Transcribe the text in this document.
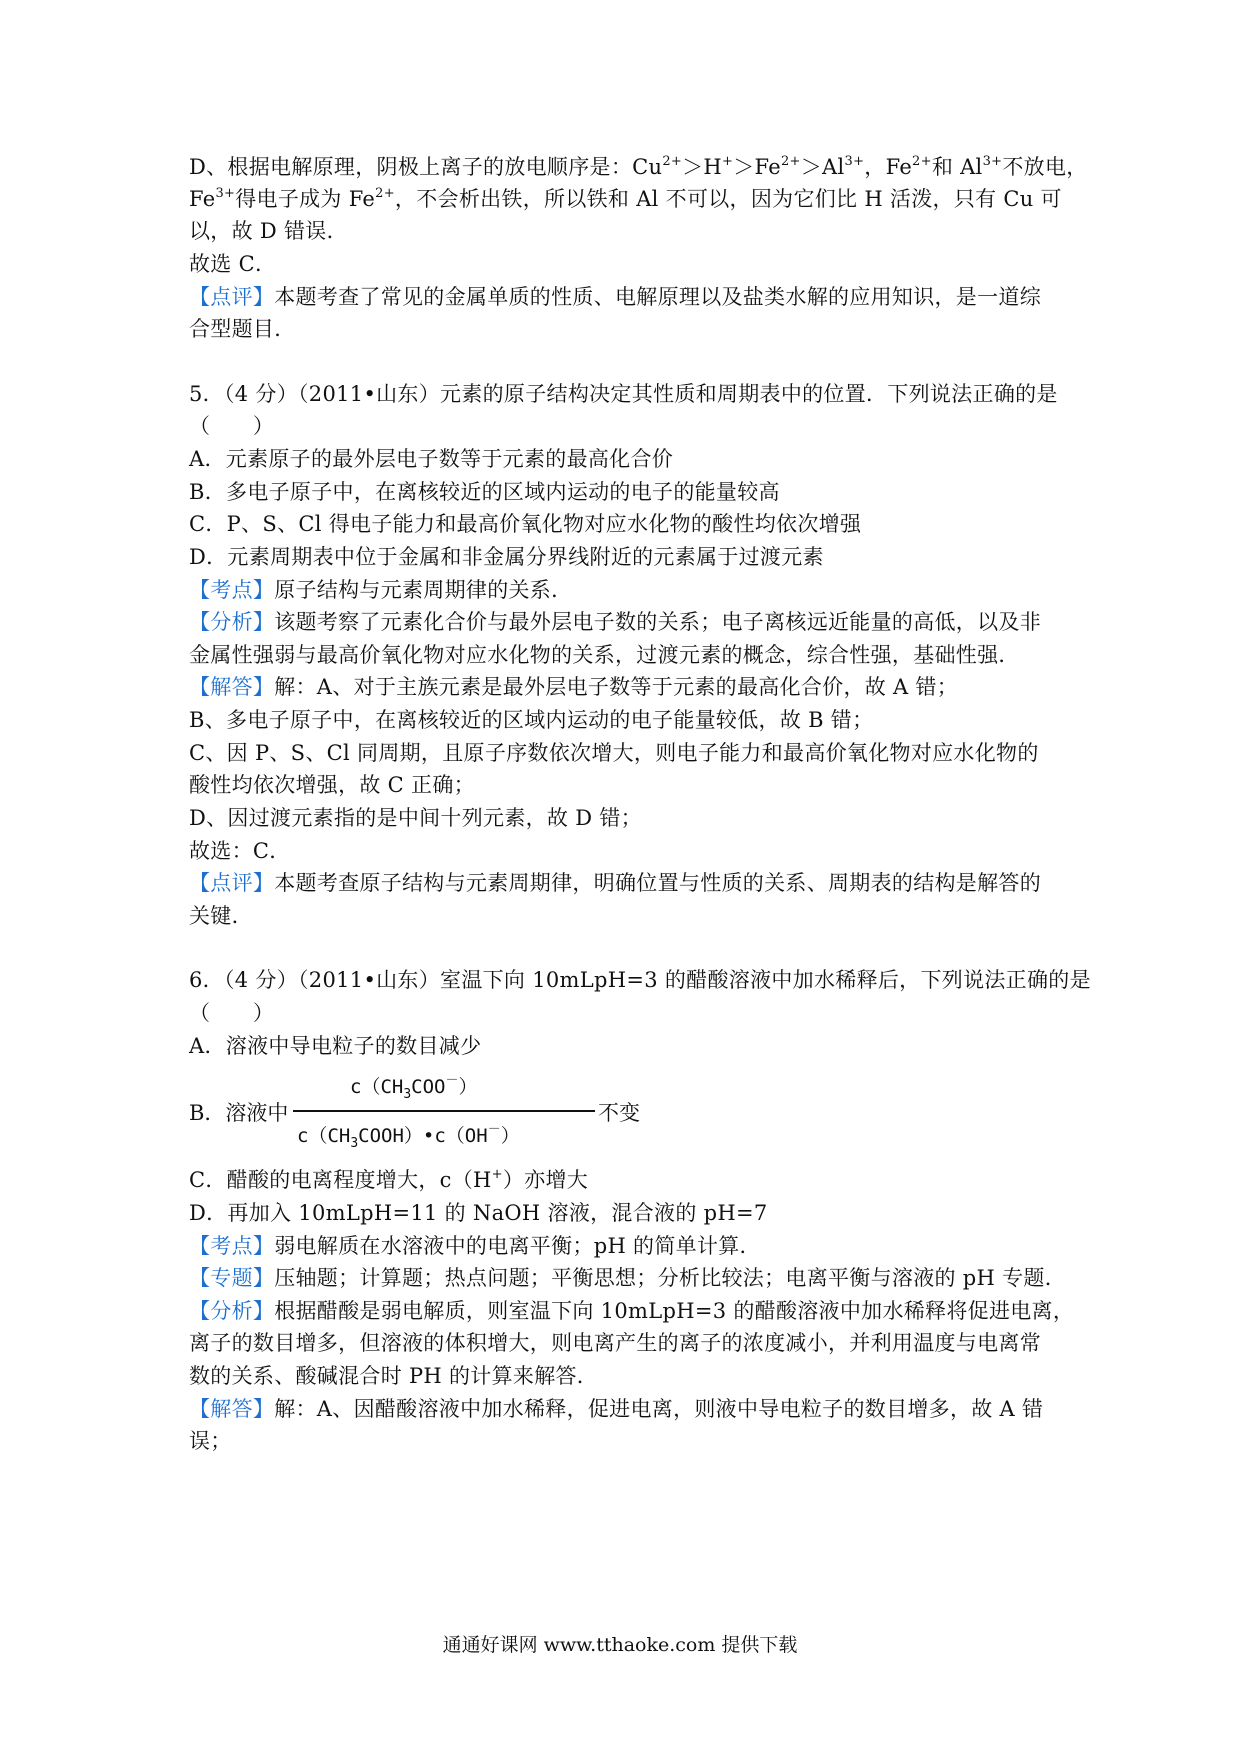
D、根据电解原理，阴极上离子的放电顺序是：$Cu^{2+}>H^+>Fe^{2+}>Al^{3+}$，$Fe^{2+}$和 $Al^{3+}$不放电，
$Fe^{3+}$得电子成为 $Fe^{2+}$，不会析出铁，所以铁和 Al 不可以，因为它们比 H 活泼，只有 Cu 可
以，故 D 错误．
故选 C．
【点评】本题考查了常见的金属单质的性质、电解原理以及盐类水解的应用知识，是一道综
合型题目．
5．（4 分）（2011•山东）元素的原子结构决定其性质和周期表中的位置．下列说法正确的是
（　　）
A．元素原子的最外层电子数等于元素的最高化合价
B．多电子原子中，在离核较近的区域内运动的电子的能量较高
C．P、S、Cl 得电子能力和最高价氧化物对应水化物的酸性均依次增强
D．元素周期表中位于金属和非金属分界线附近的元素属于过渡元素
【考点】原子结构与元素周期律的关系．
【分析】该题考察了元素化合价与最外层电子数的关系；电子离核远近能量的高低，以及非
金属性强弱与最高价氧化物对应水化物的关系，过渡元素的概念，综合性强，基础性强．
【解答】解：A、对于主族元素是最外层电子数等于元素的最高化合价，故 A 错；
B、多电子原子中，在离核较近的区域内运动的电子能量较低，故 B 错；
C、因 P、S、Cl 同周期，且原子序数依次增大，则电子能力和最高价氧化物对应水化物的
酸性均依次增强，故 C 正确；
D、因过渡元素指的是中间十列元素，故 D 错；
故选：C．
【点评】本题考查原子结构与元素周期律，明确位置与性质的关系、周期表的结构是解答的
关键．
6．（4 分）（2011•山东）室温下向 10mLpH=3 的醋酸溶液中加水稀释后，下列说法正确的是
（　　）
A．溶液中导电粒子的数目减少
B．溶液中
$c(CH_3COO^-)$
$c(CH_3COOH)•c(OH^-)$
不变
C．醋酸的电离程度增大，c（H+）亦增大
D．再加入 10mLpH=11 的 NaOH 溶液，混合液的 pH=7
【考点】弱电解质在水溶液中的电离平衡；pH 的简单计算．
【专题】压轴题；计算题；热点问题；平衡思想；分析比较法；电离平衡与溶液的 pH 专题．
【分析】根据醋酸是弱电解质，则室温下向 10mLpH=3 的醋酸溶液中加水稀释将促进电离，
离子的数目增多，但溶液的体积增大，则电离产生的离子的浓度减小，并利用温度与电离常
数的关系、酸碱混合时 PH 的计算来解答．
【解答】解：A、因醋酸溶液中加水稀释，促进电离，则液中导电粒子的数目增多，故 A 错
误；
通通好课网 www.tthaoke.com 提供下载
